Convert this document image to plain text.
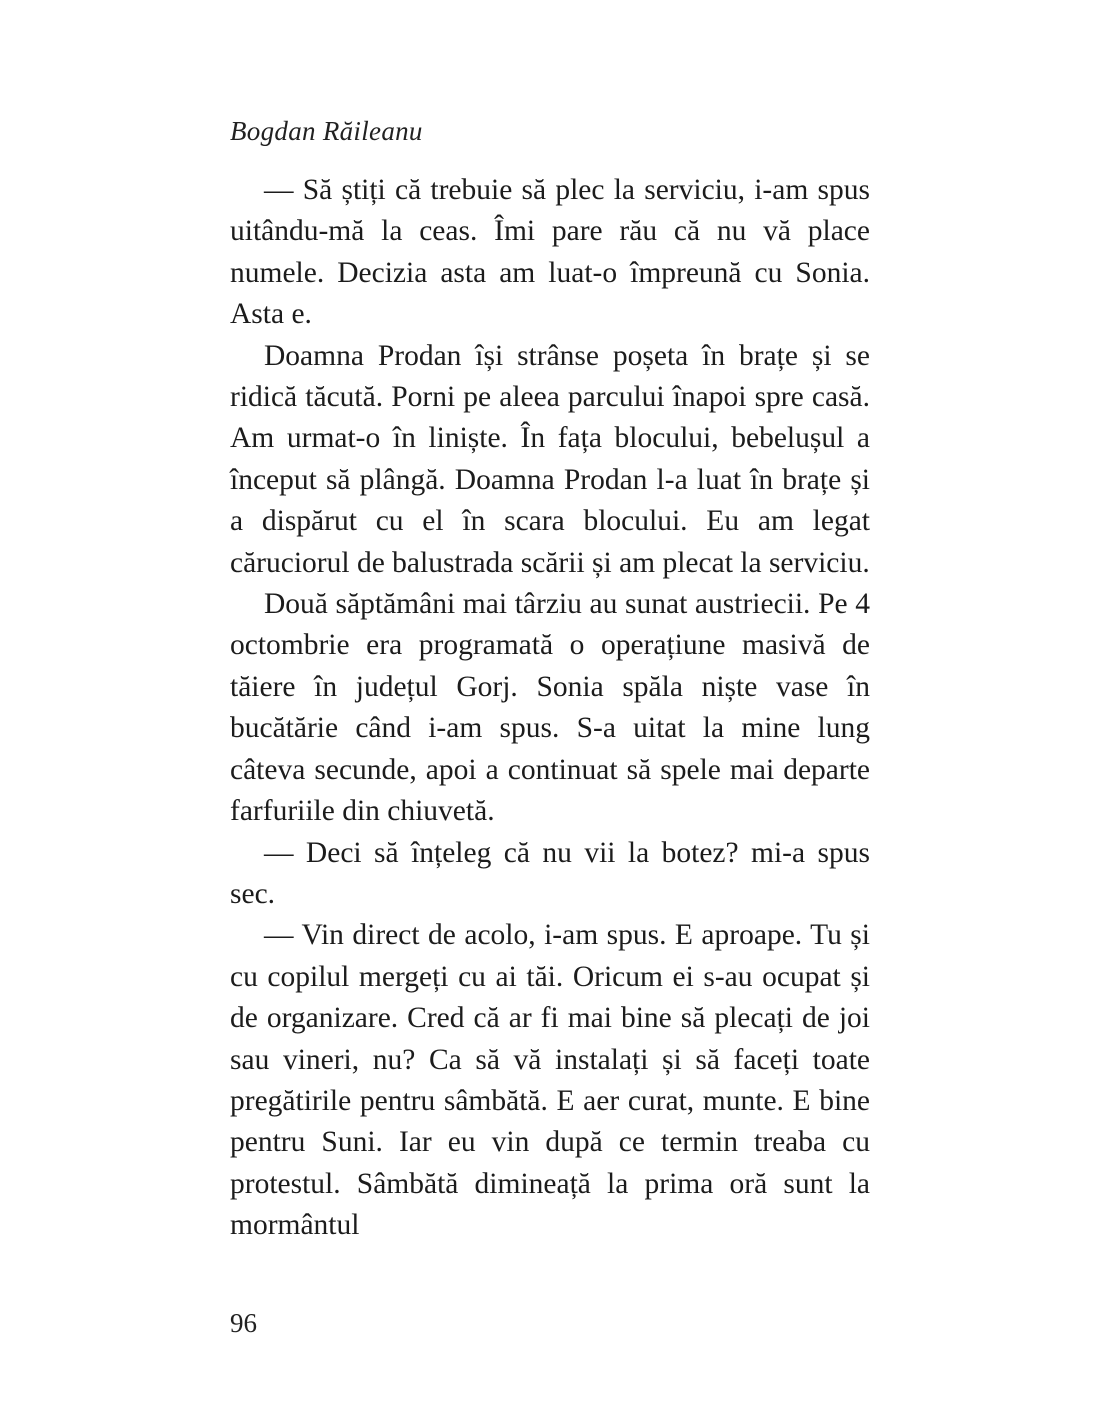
Bogdan Răileanu

— Să știți că trebuie să plec la serviciu, i-am spus uitându-mă la ceas. Îmi pare rău că nu vă place numele. Decizia asta am luat-o împreună cu Sonia. Asta e.

Doamna Prodan își strânse poșeta în brațe și se ridică tăcută. Porni pe aleea parcului înapoi spre casă. Am urmat-o în liniște. În fața blocului, bebelușul a început să plângă. Doamna Prodan l-a luat în brațe și a dispărut cu el în scara blocului. Eu am legat căruciorul de balustrada scării și am plecat la serviciu.

Două săptămâni mai târziu au sunat austriecii. Pe 4 octombrie era programată o operațiune masivă de tăiere în județul Gorj. Sonia spăla niște vase în bucătărie când i-am spus. S-a uitat la mine lung câteva secunde, apoi a continuat să spele mai departe farfuriile din chiuvetă.

— Deci să înțeleg că nu vii la botez? mi-a spus sec.

— Vin direct de acolo, i-am spus. E aproape. Tu și cu copilul mergeți cu ai tăi. Oricum ei s-au ocupat și de organizare. Cred că ar fi mai bine să plecați de joi sau vineri, nu? Ca să vă instalați și să faceți toate pregătirile pentru sâmbătă. E aer curat, munte. E bine pentru Suni. Iar eu vin după ce termin treaba cu protestul. Sâmbătă dimineață la prima oră sunt la mormântul

96
